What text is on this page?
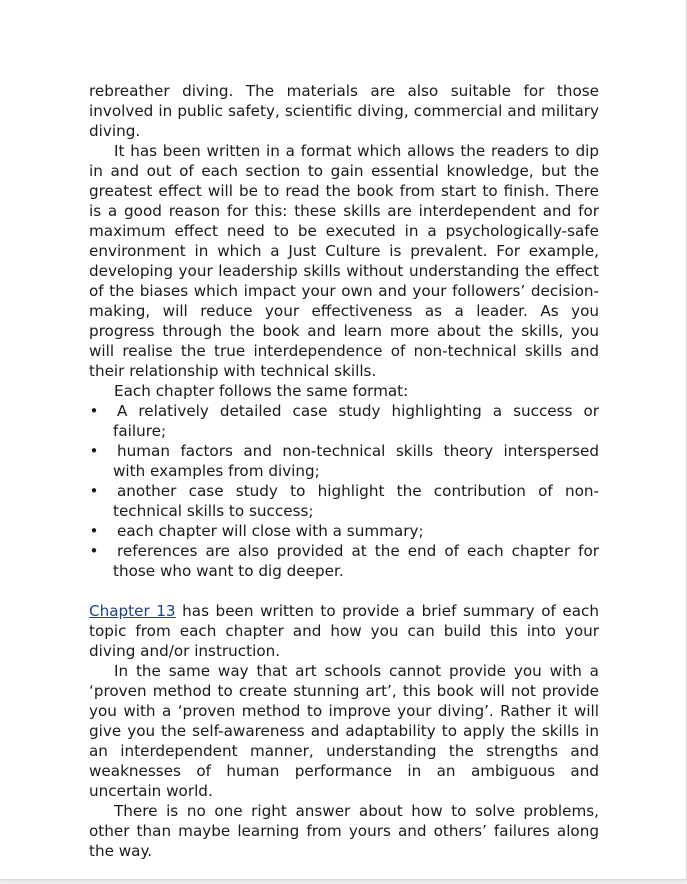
rebreather diving. The materials are also suitable for those involved in public safety, scientific diving, commercial and military diving.

It has been written in a format which allows the readers to dip in and out of each section to gain essential knowledge, but the greatest effect will be to read the book from start to finish. There is a good reason for this: these skills are interdependent and for maximum effect need to be executed in a psychologically-safe environment in which a Just Culture is prevalent. For example, developing your leadership skills without understanding the effect of the biases which impact your own and your followers’ decision-making, will reduce your effectiveness as a leader. As you progress through the book and learn more about the skills, you will realise the true interdependence of non-technical skills and their relationship with technical skills.

Each chapter follows the same format:

• A relatively detailed case study highlighting a success or failure;
• human factors and non-technical skills theory interspersed with examples from diving;
• another case study to highlight the contribution of non-technical skills to success;
• each chapter will close with a summary;
• references are also provided at the end of each chapter for those who want to dig deeper.

Chapter 13 has been written to provide a brief summary of each topic from each chapter and how you can build this into your diving and/or instruction.

In the same way that art schools cannot provide you with a ‘proven method to create stunning art’, this book will not provide you with a ‘proven method to improve your diving’. Rather it will give you the self-awareness and adaptability to apply the skills in an interdependent manner, understanding the strengths and weaknesses of human performance in an ambiguous and uncertain world.

There is no one right answer about how to solve problems, other than maybe learning from yours and others’ failures along the way.
